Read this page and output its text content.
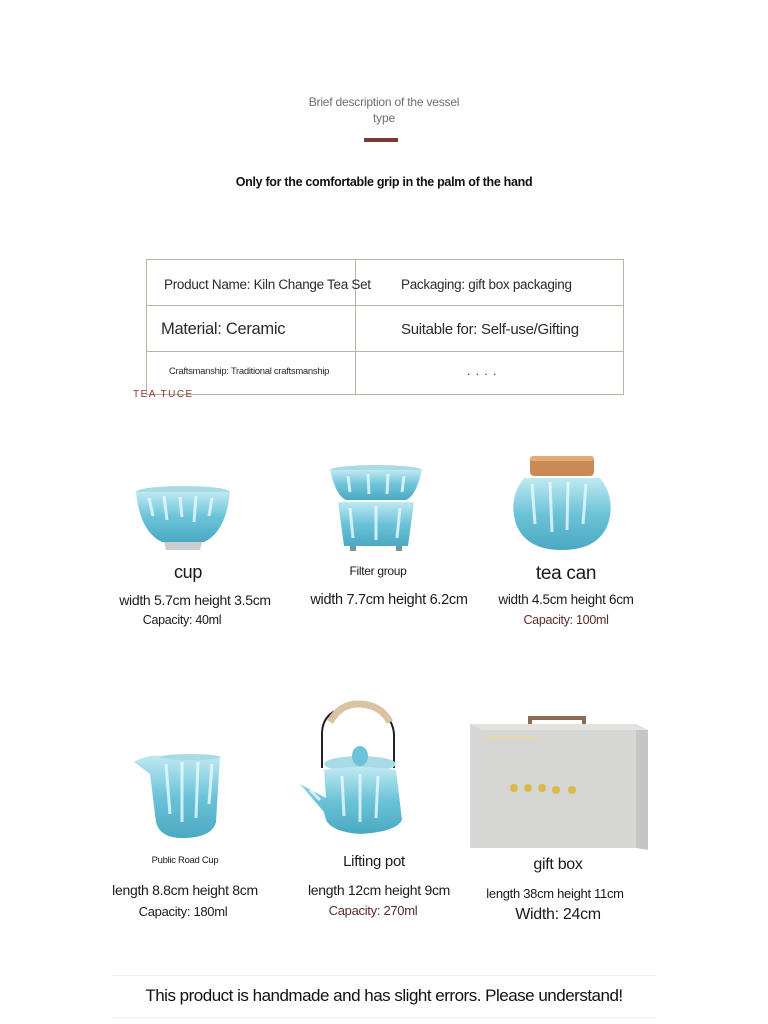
Brief description of the vessel
type
Only for the comfortable grip in the palm of the hand
Product Name: Kiln Change Tea Set Packaging: gift box packaging
Material: Ceramic	Suitable for: Self-use/Gifting
Craftsmanship: Traditional craftsmanship	. . . .
TEA TUCE
cup
width 5.7cm height 3.5cm
Capacity: 40ml
Filter group
width 7.7cm height 6.2cm
tea can
width 4.5cm height 6cm
Capacity: 100ml
Public Road Cup
length 8.8cm height 8cm
Capacity: 180ml
Lifting pot
length 12cm height 9cm
Capacity: 270ml
gift box
length 38cm height 11cm
Width: 24cm
This product is handmade and has slight errors. Please understand!
